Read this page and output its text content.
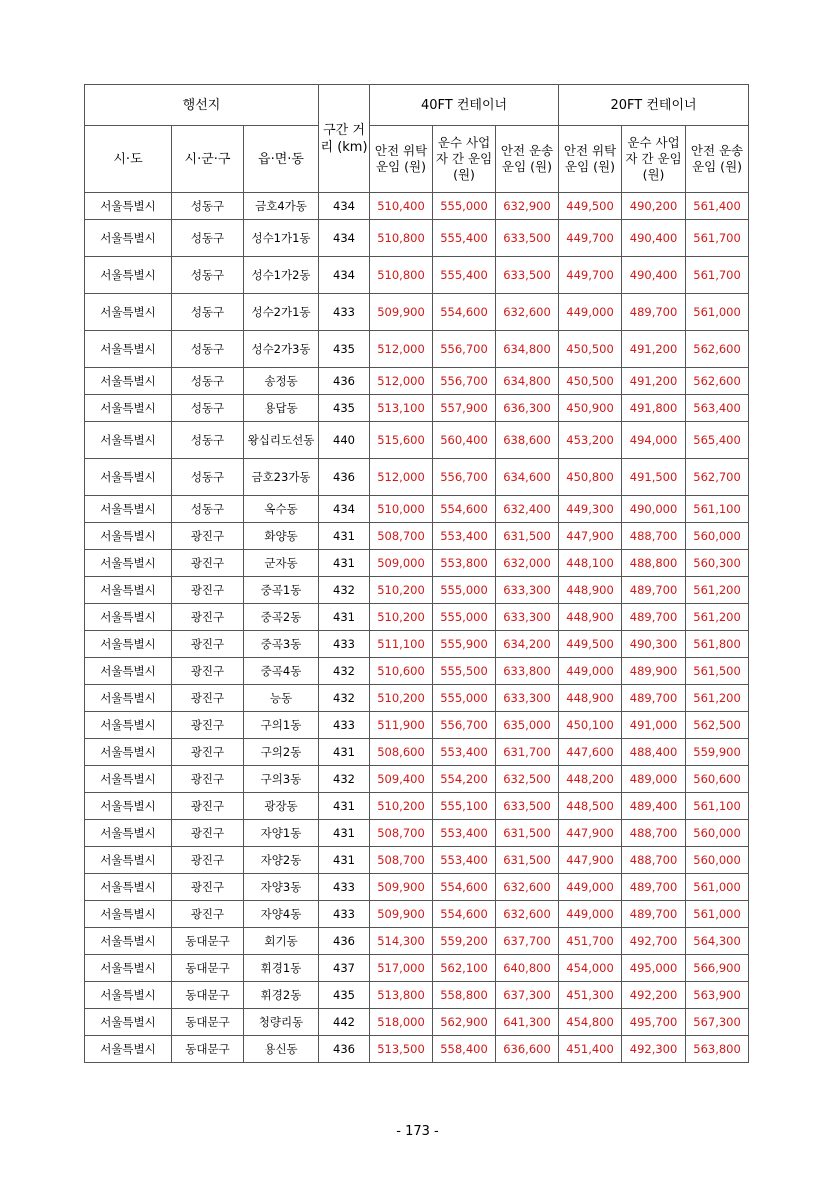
행선지			구간 거리 (km)	40FT 컨테이너			20FT 컨테이너		
시·도	시·군·구	읍·면·동		안전 위탁 운임 (원)	운수 사업자 간 운임 (원)	안전 운송 운임 (원)	안전 위탁 운임 (원)	운수 사업자 간 운임 (원)	안전 운송 운임 (원)
서울특별시	성동구	금호4가동	434	510,400	555,000	632,900	449,500	490,200	561,400
서울특별시	성동구	성수1가1동	434	510,800	555,400	633,500	449,700	490,400	561,700
서울특별시	성동구	성수1가2동	434	510,800	555,400	633,500	449,700	490,400	561,700
서울특별시	성동구	성수2가1동	433	509,900	554,600	632,600	449,000	489,700	561,000
서울특별시	성동구	성수2가3동	435	512,000	556,700	634,800	450,500	491,200	562,600
서울특별시	성동구	송정동	436	512,000	556,700	634,800	450,500	491,200	562,600
서울특별시	성동구	용답동	435	513,100	557,900	636,300	450,900	491,800	563,400
서울특별시	성동구	왕십리도선동	440	515,600	560,400	638,600	453,200	494,000	565,400
서울특별시	성동구	금호23가동	436	512,000	556,700	634,600	450,800	491,500	562,700
서울특별시	성동구	옥수동	434	510,000	554,600	632,400	449,300	490,000	561,100
서울특별시	광진구	화양동	431	508,700	553,400	631,500	447,900	488,700	560,000
서울특별시	광진구	군자동	431	509,000	553,800	632,000	448,100	488,800	560,300
서울특별시	광진구	중곡1동	432	510,200	555,000	633,300	448,900	489,700	561,200
서울특별시	광진구	중곡2동	431	510,200	555,000	633,300	448,900	489,700	561,200
서울특별시	광진구	중곡3동	433	511,100	555,900	634,200	449,500	490,300	561,800
서울특별시	광진구	중곡4동	432	510,600	555,500	633,800	449,000	489,900	561,500
서울특별시	광진구	능동	432	510,200	555,000	633,300	448,900	489,700	561,200
서울특별시	광진구	구의1동	433	511,900	556,700	635,000	450,100	491,000	562,500
서울특별시	광진구	구의2동	431	508,600	553,400	631,700	447,600	488,400	559,900
서울특별시	광진구	구의3동	432	509,400	554,200	632,500	448,200	489,000	560,600
서울특별시	광진구	광장동	431	510,200	555,100	633,500	448,500	489,400	561,100
서울특별시	광진구	자양1동	431	508,700	553,400	631,500	447,900	488,700	560,000
서울특별시	광진구	자양2동	431	508,700	553,400	631,500	447,900	488,700	560,000
서울특별시	광진구	자양3동	433	509,900	554,600	632,600	449,000	489,700	561,000
서울특별시	광진구	자양4동	433	509,900	554,600	632,600	449,000	489,700	561,000
서울특별시	동대문구	회기동	436	514,300	559,200	637,700	451,700	492,700	564,300
서울특별시	동대문구	휘경1동	437	517,000	562,100	640,800	454,000	495,000	566,900
서울특별시	동대문구	휘경2동	435	513,800	558,800	637,300	451,300	492,200	563,900
서울특별시	동대문구	청량리동	442	518,000	562,900	641,300	454,800	495,700	567,300
서울특별시	동대문구	용신동	436	513,500	558,400	636,600	451,400	492,300	563,800
- 173 -
